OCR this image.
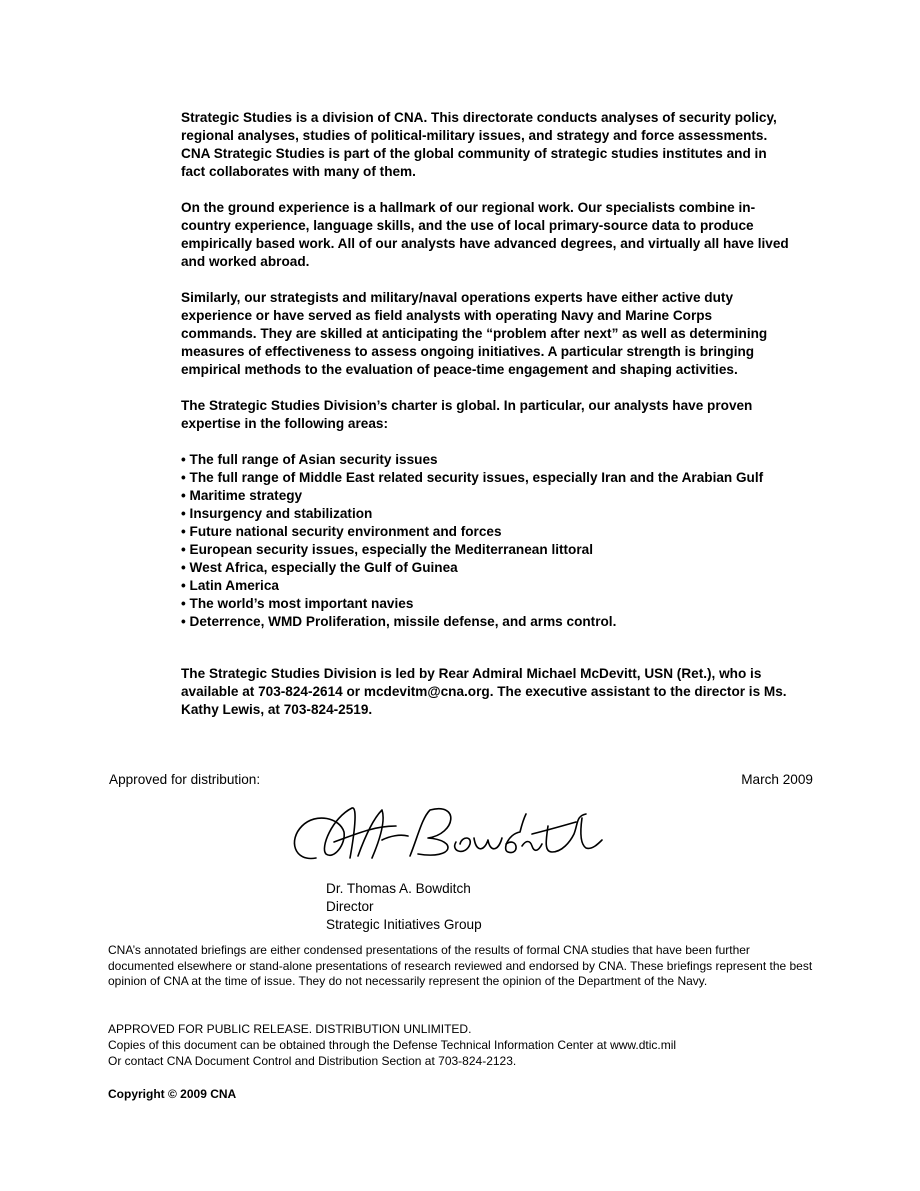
Strategic Studies is a division of CNA. This directorate conducts analyses of security policy, regional analyses, studies of political-military issues, and strategy and force assessments. CNA Strategic Studies is part of the global community of strategic studies institutes and in fact collaborates with many of them.

On the ground experience is a hallmark of our regional work. Our specialists combine in-country experience, language skills, and the use of local primary-source data to produce empirically based work. All of our analysts have advanced degrees, and virtually all have lived and worked abroad.

Similarly, our strategists and military/naval operations experts have either active duty experience or have served as field analysts with operating Navy and Marine Corps commands. They are skilled at anticipating the “problem after next” as well as determining measures of effectiveness to assess ongoing initiatives. A particular strength is bringing empirical methods to the evaluation of peace-time engagement and shaping activities.

The Strategic Studies Division’s charter is global. In particular, our analysts have proven expertise in the following areas:

• The full range of Asian security issues
• The full range of Middle East related security issues, especially Iran and the Arabian Gulf
• Maritime strategy
• Insurgency and stabilization
• Future national security environment and forces
• European security issues, especially the Mediterranean littoral
• West Africa, especially the Gulf of Guinea
• Latin America
• The world’s most important navies
• Deterrence, WMD Proliferation, missile defense, and arms control.

The Strategic Studies Division is led by Rear Admiral Michael McDevitt, USN (Ret.), who is available at 703-824-2614 or mcdevitm@cna.org. The executive assistant to the director is Ms. Kathy Lewis, at 703-824-2519.

Approved for distribution:	March 2009
Dr. Thomas A. Bowditch
Director
Strategic Initiatives Group

CNA’s annotated briefings are either condensed presentations of the results of formal CNA studies that have been further documented elsewhere or stand-alone presentations of research reviewed and endorsed by CNA. These briefings represent the best opinion of CNA at the time of issue. They do not necessarily represent the opinion of the Department of the Navy.

APPROVED FOR PUBLIC RELEASE. DISTRIBUTION UNLIMITED.
Copies of this document can be obtained through the Defense Technical Information Center at www.dtic.mil
Or contact CNA Document Control and Distribution Section at 703-824-2123.
Copyright © 2009 CNA
